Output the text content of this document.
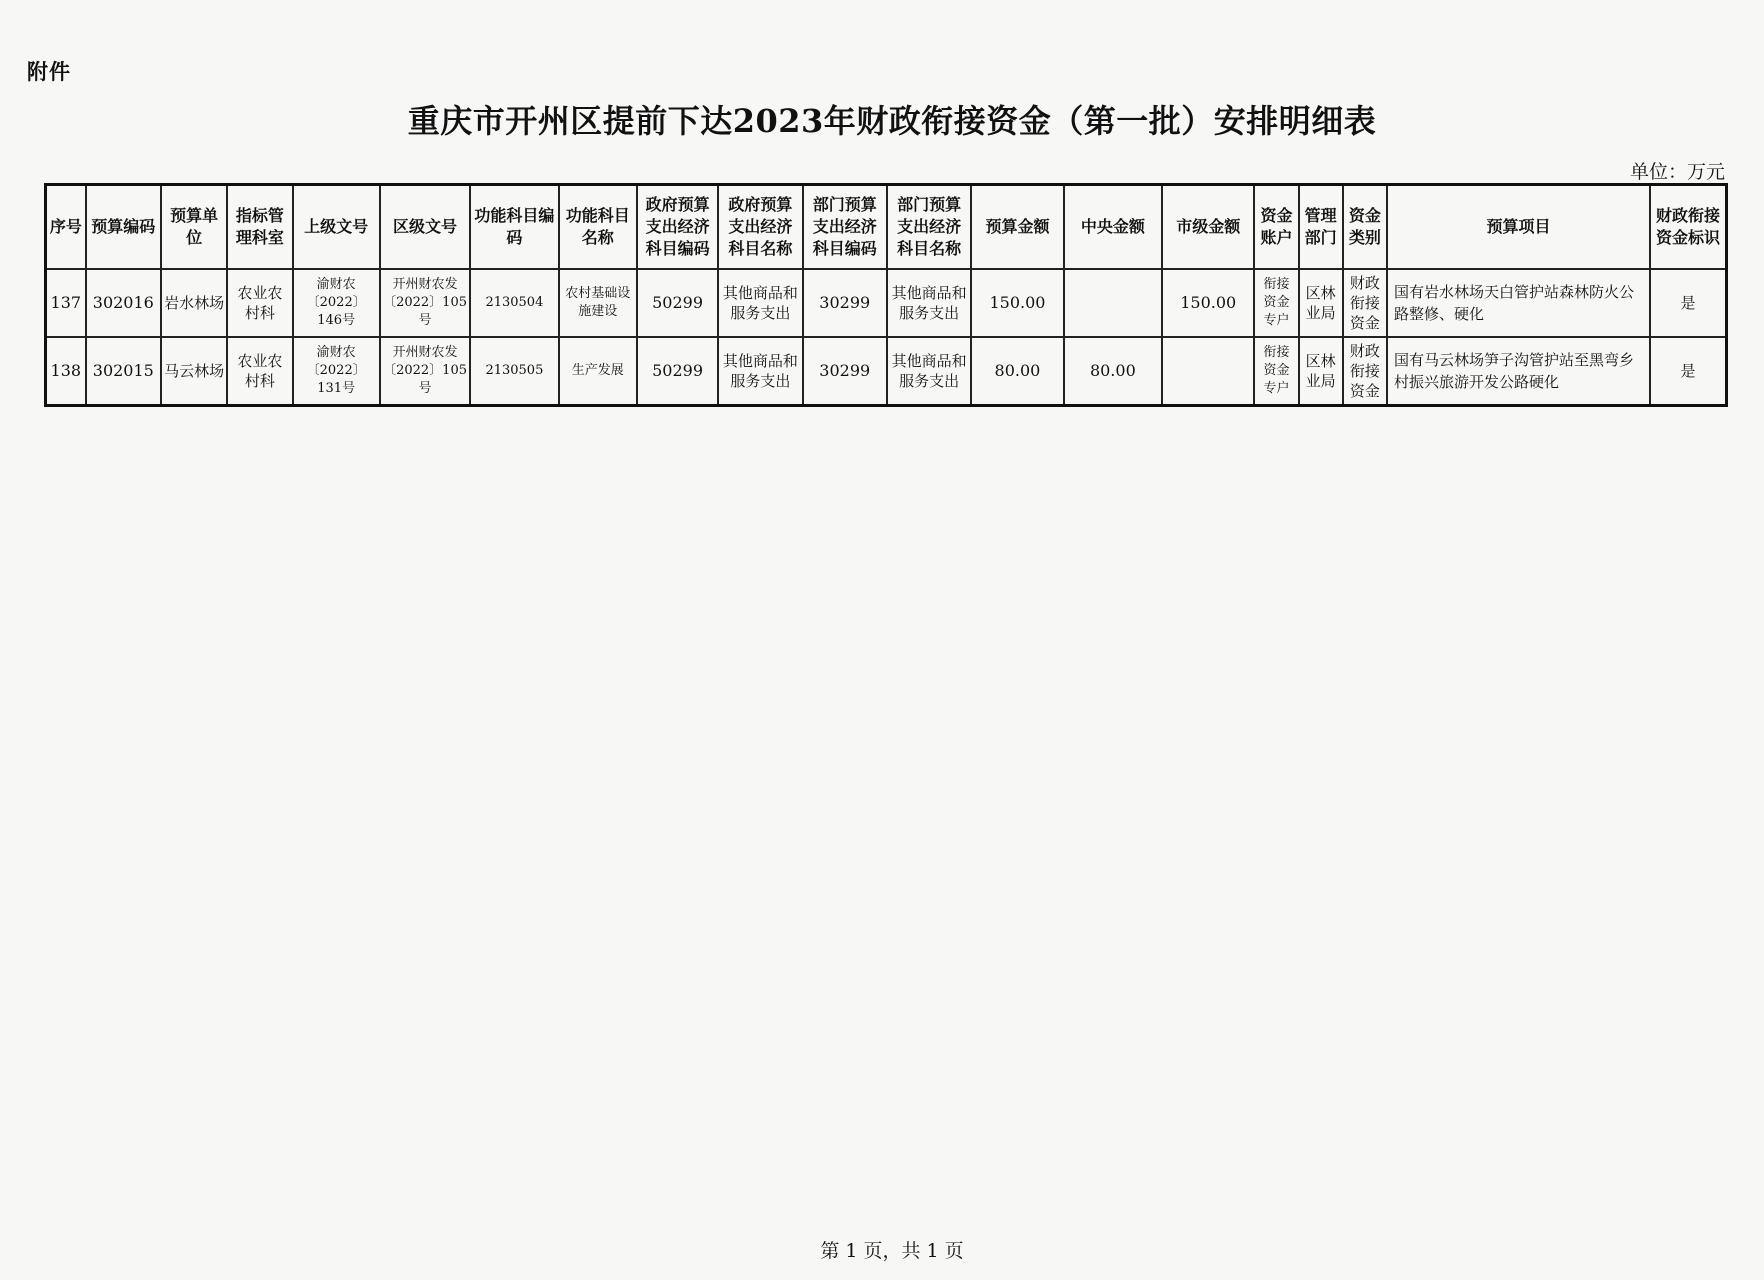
附件
重庆市开州区提前下达2023年财政衔接资金（第一批）安排明细表
单位：万元
序号	预算编码	预算单位	指标管理科室	上级文号	区级文号	功能科目编码	功能科目名称	政府预算支出经济科目编码	政府预算支出经济科目名称	部门预算支出经济科目编码	部门预算支出经济科目名称	预算金额	中央金额	市级金额	资金账户	管理部门	资金类别	预算项目	财政衔接资金标识
137	302016	岩水林场	农业农村科	渝财农〔2022〕146号	开州财农发〔2022〕105号	2130504	农村基础设施建设	50299	其他商品和服务支出	30299	其他商品和服务支出	150.00		150.00	衔接资金专户	区林业局	财政衔接资金	国有岩水林场天白管护站森林防火公路整修、硬化	是
138	302015	马云林场	农业农村科	渝财农〔2022〕131号	开州财农发〔2022〕105号	2130505	生产发展	50299	其他商品和服务支出	30299	其他商品和服务支出	80.00	80.00		衔接资金专户	区林业局	财政衔接资金	国有马云林场笋子沟管护站至黑弯乡村振兴旅游开发公路硬化	是
第 1 页，共 1 页
